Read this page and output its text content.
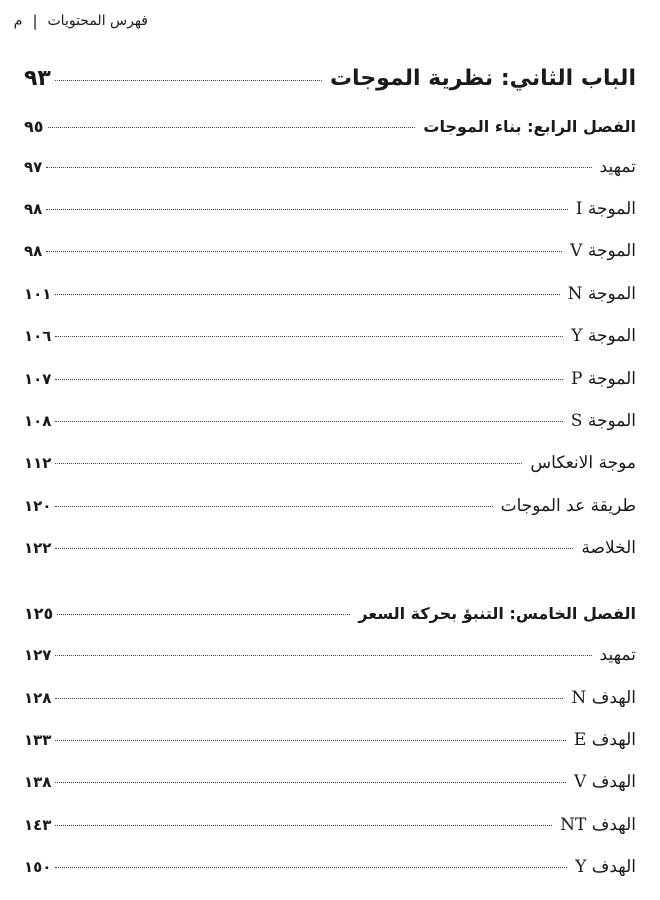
فهرس المحتويات
|
م
الباب الثاني: نظرية الموجات
٩٣
الفصل الرابع: بناء الموجات
٩٥
تمهيد
٩٧
الموجة I
٩٨
الموجة V
٩٨
الموجة N
١٠١
الموجة Y
١٠٦
الموجة P
١٠٧
الموجة S
١٠٨
موجة الانعكاس
١١٢
طريقة عد الموجات
١٢٠
الخلاصة
١٢٢
الفصل الخامس: التنبؤ بحركة السعر
١٢٥
تمهيد
١٢٧
الهدف N
١٢٨
الهدف E
١٣٣
الهدف V
١٣٨
الهدف NT
١٤٣
الهدف Y
١٥٠
